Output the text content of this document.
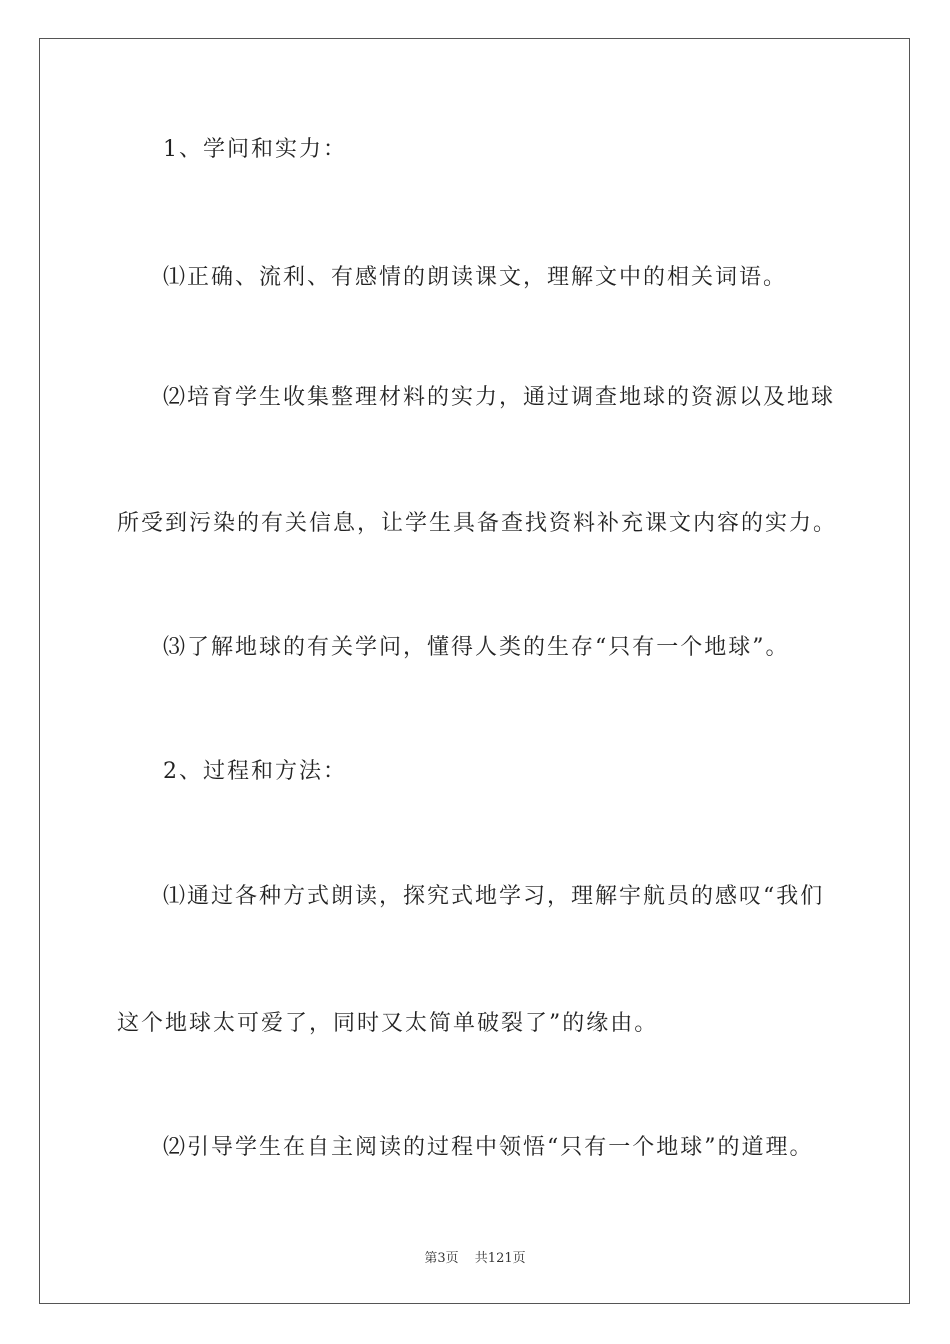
1、学问和实力：
⑴正确、流利、有感情的朗读课文，理解文中的相关词语。
⑵培育学生收集整理材料的实力，通过调查地球的资源以及地球
所受到污染的有关信息，让学生具备查找资料补充课文内容的实力。
⑶了解地球的有关学问，懂得人类的生存“只有一个地球”。
2、过程和方法：
⑴通过各种方式朗读，探究式地学习，理解宇航员的感叹“我们
这个地球太可爱了，同时又太简单破裂了”的缘由。
⑵引导学生在自主阅读的过程中领悟“只有一个地球”的道理。
第3页 共121页
